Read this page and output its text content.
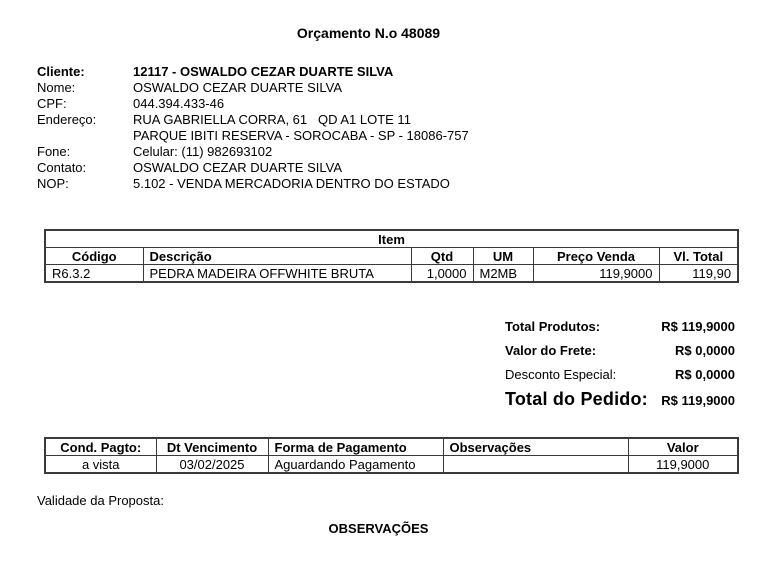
Orçamento N.o 48089
Cliente:	12117 - OSWALDO CEZAR DUARTE SILVA
Nome:	OSWALDO CEZAR DUARTE SILVA
CPF:	044.394.433-46
Endereço:	RUA GABRIELLA CORRA, 61   QD A1 LOTE 11
PARQUE IBITI RESERVA - SOROCABA - SP - 18086-757
Fone:	Celular: (11) 982693102
Contato:	OSWALDO CEZAR DUARTE SILVA
NOP:	5.102 - VENDA MERCADORIA DENTRO DO ESTADO
Item					
Código	Descrição	Qtd	UM	Preço Venda	Vl. Total
R6.3.2	PEDRA MADEIRA OFFWHITE BRUTA	1,0000	M2MB	119,9000	119,90
Total Produtos:	R$ 119,9000
Valor do Frete:	R$ 0,0000
Desconto Especial:	R$ 0,0000
Total do Pedido: R$ 119,9000
Cond. Pagto:	Dt Vencimento	Forma de Pagamento	Observações	Valor
a vista	03/02/2025	Aguardando Pagamento		119,9000
Validade da Proposta:
OBSERVAÇÕES
